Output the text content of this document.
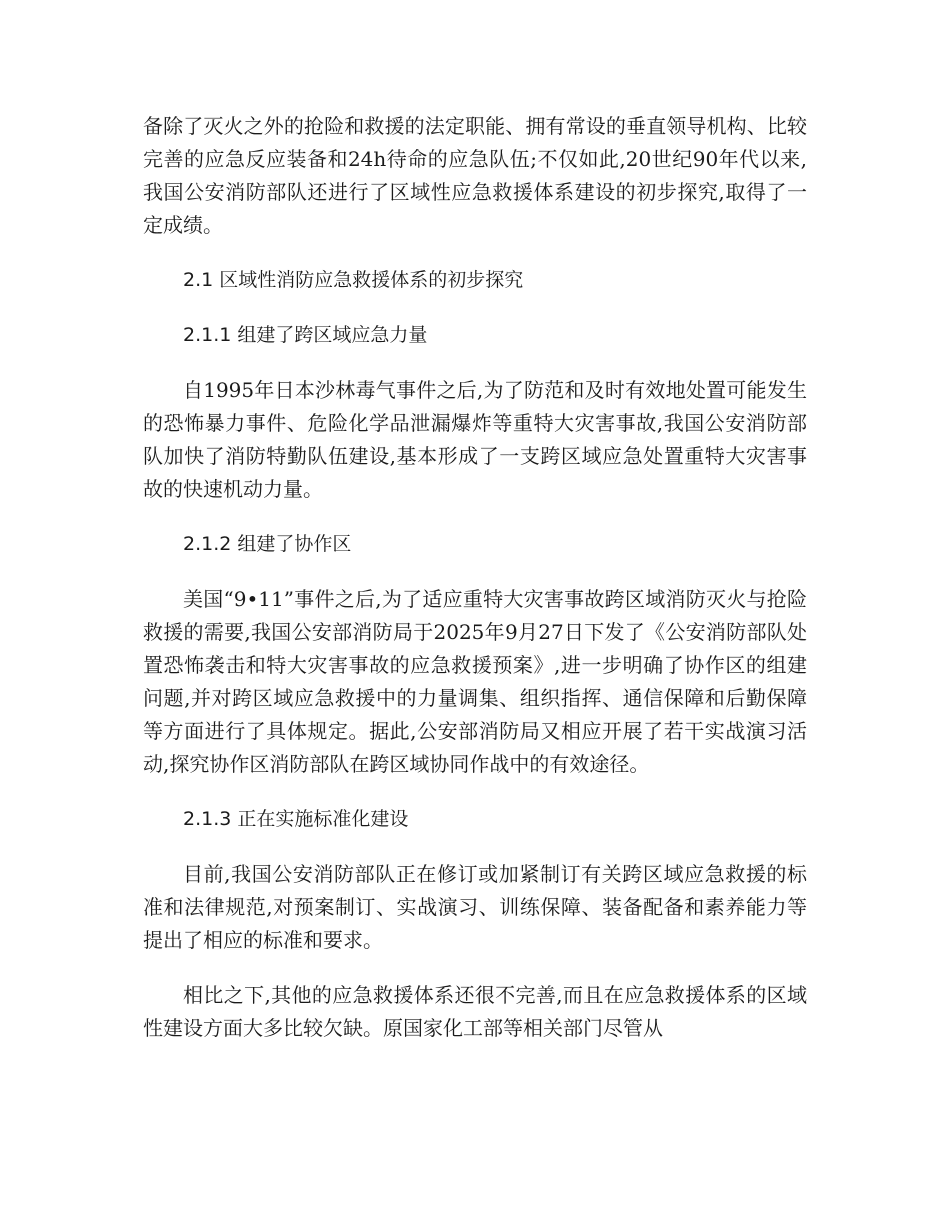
备除了灭火之外的抢险和救援的法定职能、拥有常设的垂直领导机构、比较完善的应急反应装备和24h待命的应急队伍;不仅如此,20世纪90年代以来,我国公安消防部队还进行了区域性应急救援体系建设的初步探究,取得了一定成绩。

2.1 区域性消防应急救援体系的初步探究

2.1.1 组建了跨区域应急力量

自1995年日本沙林毒气事件之后,为了防范和及时有效地处置可能发生的恐怖暴力事件、危险化学品泄漏爆炸等重特大灾害事故,我国公安消防部队加快了消防特勤队伍建设,基本形成了一支跨区域应急处置重特大灾害事故的快速机动力量。

2.1.2 组建了协作区

美国“9•11”事件之后,为了适应重特大灾害事故跨区域消防灭火与抢险救援的需要,我国公安部消防局于2025年9月27日下发了《公安消防部队处置恐怖袭击和特大灾害事故的应急救援预案》,进一步明确了协作区的组建问题,并对跨区域应急救援中的力量调集、组织指挥、通信保障和后勤保障等方面进行了具体规定。据此,公安部消防局又相应开展了若干实战演习活动,探究协作区消防部队在跨区域协同作战中的有效途径。

2.1.3 正在实施标准化建设

目前,我国公安消防部队正在修订或加紧制订有关跨区域应急救援的标准和法律规范,对预案制订、实战演习、训练保障、装备配备和素养能力等提出了相应的标准和要求。

相比之下,其他的应急救援体系还很不完善,而且在应急救援体系的区域性建设方面大多比较欠缺。原国家化工部等相关部门尽管从
